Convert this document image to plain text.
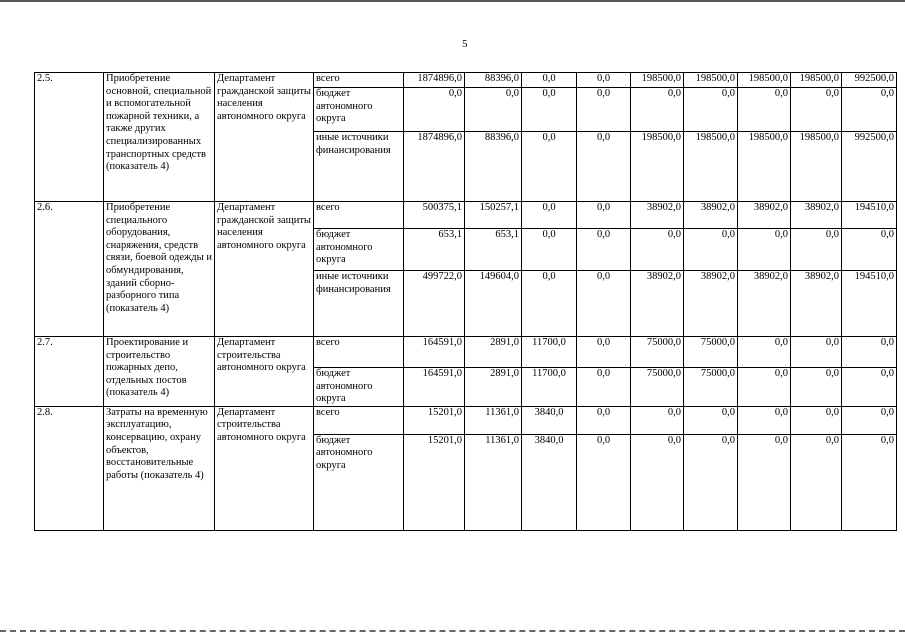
5
2.5.	Приобретение основной, специальной и вспомогательной пожарной техники, а также других специализированных транспортных средств (показатель 4)	Департамент гражданской защиты населения автономного округа	всего	1874896,0	88396,0	0,0	0,0	198500,0	198500,0	198500,0	198500,0	992500,0
			бюджет автономного округа	0,0	0,0	0,0	0,0	0,0	0,0	0,0	0,0	0,0
			иные источники финансирования	1874896,0	88396,0	0,0	0,0	198500,0	198500,0	198500,0	198500,0	992500,0
2.6.	Приобретение специального оборудования, снаряжения, средств связи, боевой одежды и обмундирования, зданий сборно-разборного типа (показатель 4)	Департамент гражданской защиты населения автономного округа	всего	500375,1	150257,1	0,0	0,0	38902,0	38902,0	38902,0	38902,0	194510,0
			бюджет автономного округа	653,1	653,1	0,0	0,0	0,0	0,0	0,0	0,0	0,0
			иные источники финансирования	499722,0	149604,0	0,0	0,0	38902,0	38902,0	38902,0	38902,0	194510,0
2.7.	Проектирование и строительство пожарных депо, отдельных постов (показатель 4)	Департамент строительства автономного округа	всего	164591,0	2891,0	11700,0	0,0	75000,0	75000,0	0,0	0,0	0,0
			бюджет автономного округа	164591,0	2891,0	11700,0	0,0	75000,0	75000,0	0,0	0,0	0,0
2.8.	Затраты на временную эксплуатацию, консервацию, охрану объектов, восстановительные работы (показатель 4)	Департамент строительства автономного округа	всего	15201,0	11361,0	3840,0	0,0	0,0	0,0	0,0	0,0	0,0
			бюджет автономного округа	15201,0	11361,0	3840,0	0,0	0,0	0,0	0,0	0,0	0,0
